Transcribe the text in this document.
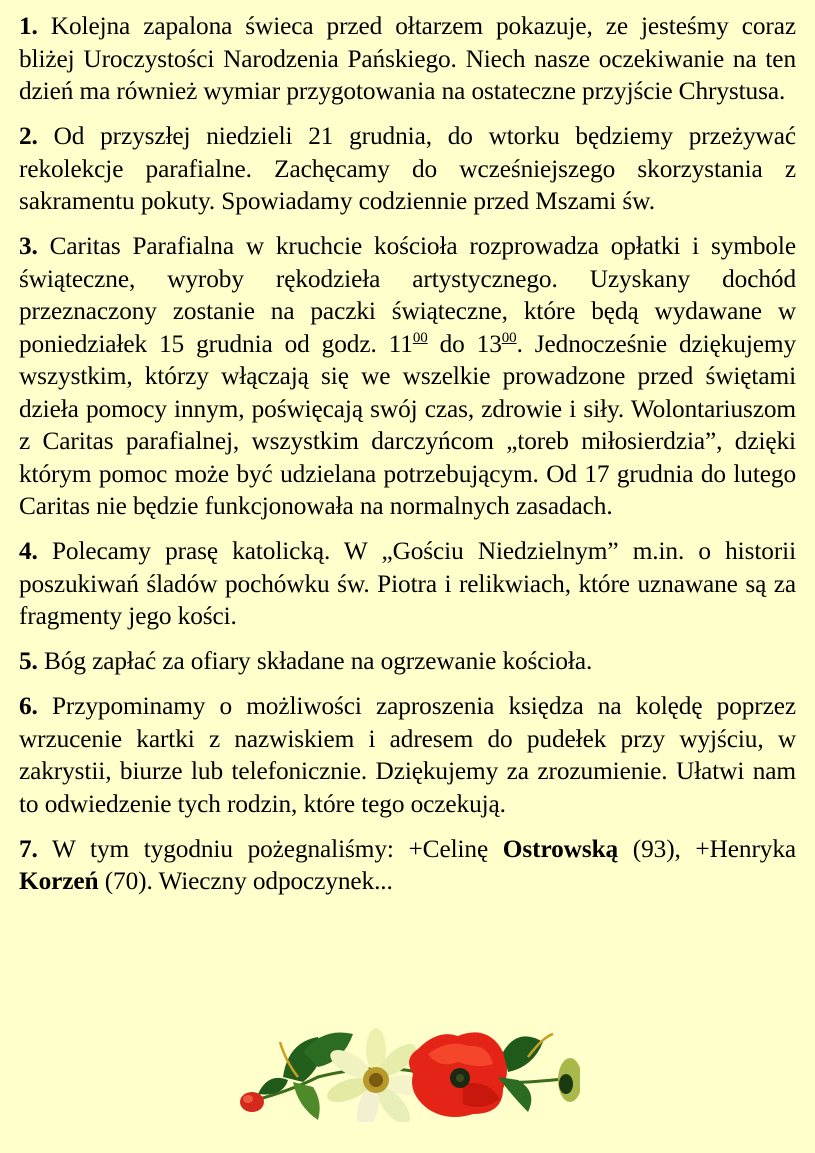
1. Kolejna zapalona świeca przed ołtarzem pokazuje, ze jesteśmy coraz bliżej Uroczystości Narodzenia Pańskiego. Niech nasze oczekiwanie na ten dzień ma również wymiar przygotowania na ostateczne przyjście Chrystusa.

2. Od przyszłej niedzieli 21 grudnia, do wtorku będziemy przeżywać rekolekcje parafialne. Zachęcamy do wcześniejszego skorzystania z sakramentu pokuty. Spowiadamy codziennie przed Mszami św.

3. Caritas Parafialna w kruchcie kościoła rozprowadza opłatki i symbole świąteczne, wyroby rękodzieła artystycznego. Uzyskany dochód przeznaczony zostanie na paczki świąteczne, które będą wydawane w poniedziałek 15 grudnia od godz. $11^{00}$ do $13^{00}$. Jednocześnie dziękujemy wszystkim, którzy włączają się we wszelkie prowadzone przed świętami dzieła pomocy innym, poświęcają swój czas, zdrowie i siły. Wolontariuszom z Caritas parafialnej, wszystkim darczyńcom „toreb miłosierdzia”, dzięki którym pomoc może być udzielana potrzebującym. Od 17 grudnia do lutego Caritas nie będzie funkcjonowała na normalnych zasadach.

4. Polecamy prasę katolicką. W „Gościu Niedzielnym” m.in. o historii poszukiwań śladów pochówku św. Piotra i relikwiach, które uznawane są za fragmenty jego kości.

5. Bóg zapłać za ofiary składane na ogrzewanie kościoła.

6. Przypominamy o możliwości zaproszenia księdza na kolędę poprzez wrzucenie kartki z nazwiskiem i adresem do pudełek przy wyjściu, w zakrystii, biurze lub telefonicznie. Dziękujemy za zrozumienie. Ułatwi nam to odwiedzenie tych rodzin, które tego oczekują.

7. W tym tygodniu pożegnaliśmy: +Celinę Ostrowską (93), +Henryka Korzeń (70). Wieczny odpoczynek...
